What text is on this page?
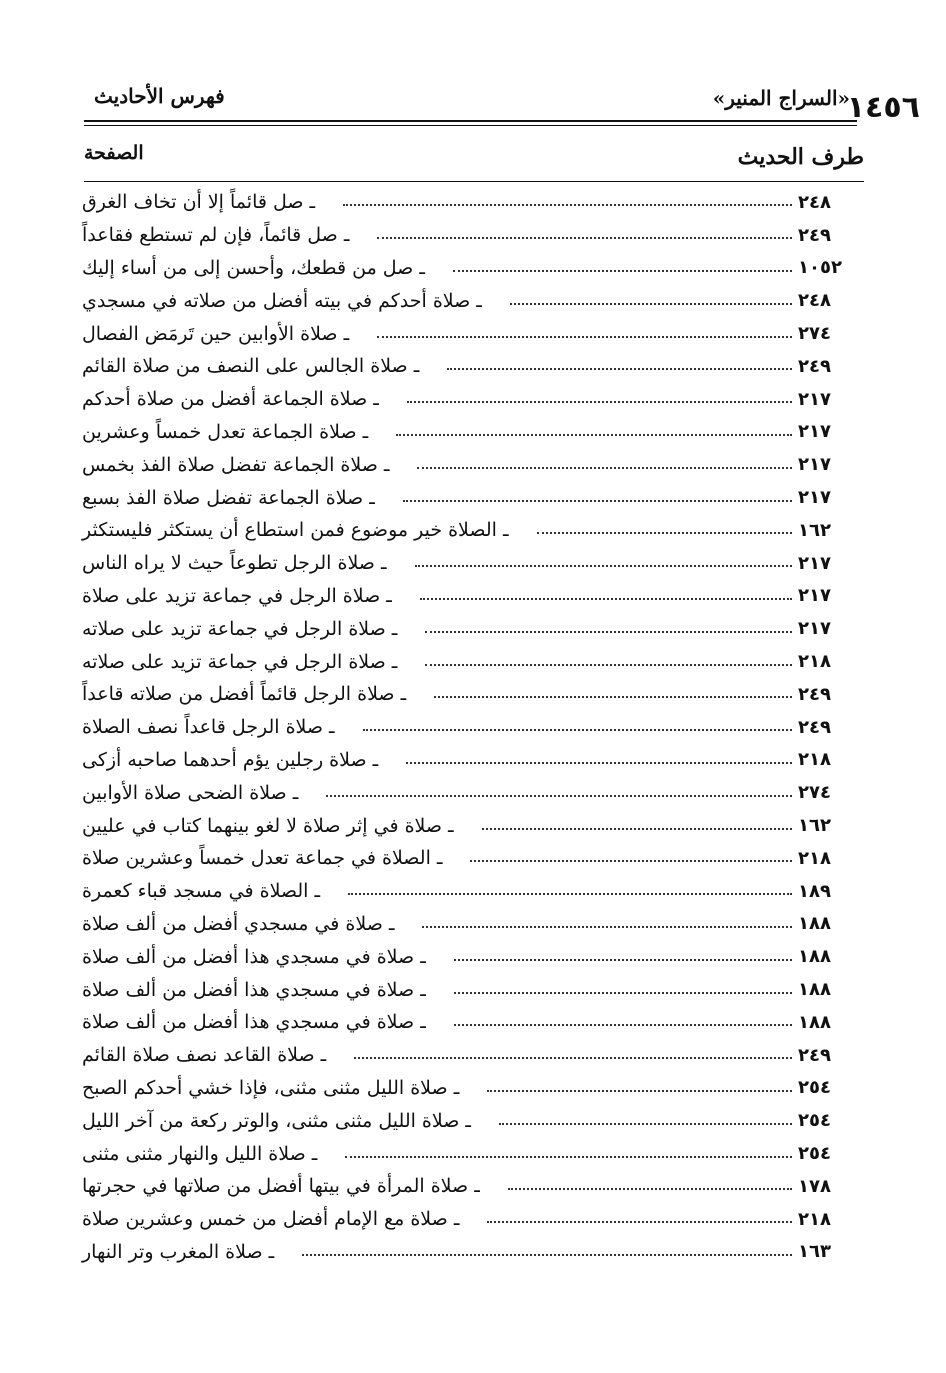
١٤٥٦
«السراج المنير»
فهرس الأحاديث
طرف الحديث
الصفحة
ـ صل قائماً إلا أن تخاف الغرق	٢٤٨
ـ صل قائماً، فإن لم تستطع فقاعداً	٢٤٩
ـ صل من قطعك، وأحسن إلى من أساء إليك	١٠٥٢
ـ صلاة أحدكم في بيته أفضل من صلاته في مسجدي	٢٤٨
ـ صلاة الأوابين حين تَرمَض الفصال	٢٧٤
ـ صلاة الجالس على النصف من صلاة القائم	٢٤٩
ـ صلاة الجماعة أفضل من صلاة أحدكم	٢١٧
ـ صلاة الجماعة تعدل خمساً وعشرين	٢١٧
ـ صلاة الجماعة تفضل صلاة الفذ بخمس	٢١٧
ـ صلاة الجماعة تفضل صلاة الفذ بسبع	٢١٧
ـ الصلاة خير موضوع فمن استطاع أن يستكثر فليستكثر	١٦٢
ـ صلاة الرجل تطوعاً حيث لا يراه الناس	٢١٧
ـ صلاة الرجل في جماعة تزيد على صلاة	٢١٧
ـ صلاة الرجل في جماعة تزيد على صلاته	٢١٧
ـ صلاة الرجل في جماعة تزيد على صلاته	٢١٨
ـ صلاة الرجل قائماً أفضل من صلاته قاعداً	٢٤٩
ـ صلاة الرجل قاعداً نصف الصلاة	٢٤٩
ـ صلاة رجلين يؤم أحدهما صاحبه أزكى	٢١٨
ـ صلاة الضحى صلاة الأوابين	٢٧٤
ـ صلاة في إثر صلاة لا لغو بينهما كتاب في عليين	١٦٢
ـ الصلاة في جماعة تعدل خمساً وعشرين صلاة	٢١٨
ـ الصلاة في مسجد قباء كعمرة	١٨٩
ـ صلاة في مسجدي أفضل من ألف صلاة	١٨٨
ـ صلاة في مسجدي هذا أفضل من ألف صلاة	١٨٨
ـ صلاة في مسجدي هذا أفضل من ألف صلاة	١٨٨
ـ صلاة في مسجدي هذا أفضل من ألف صلاة	١٨٨
ـ صلاة القاعد نصف صلاة القائم	٢٤٩
ـ صلاة الليل مثنى مثنى، فإذا خشي أحدكم الصبح	٢٥٤
ـ صلاة الليل مثنى مثنى، والوتر ركعة من آخر الليل	٢٥٤
ـ صلاة الليل والنهار مثنى مثنى	٢٥٤
ـ صلاة المرأة في بيتها أفضل من صلاتها في حجرتها	١٧٨
ـ صلاة مع الإمام أفضل من خمس وعشرين صلاة	٢١٨
ـ صلاة المغرب وتر النهار	١٦٣
